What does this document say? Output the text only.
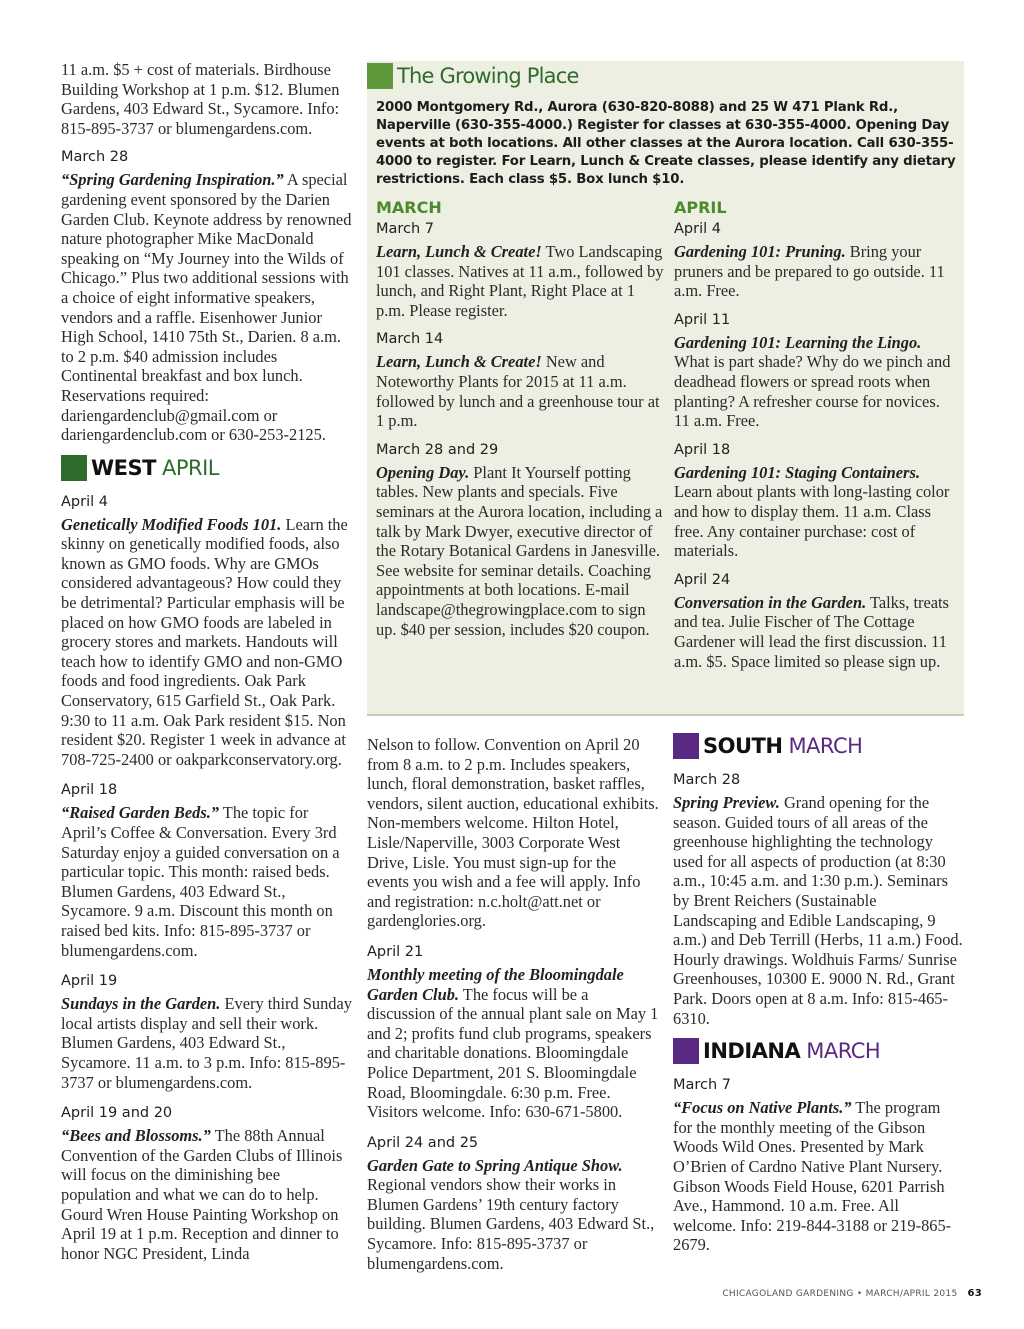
11 a.m. $5 + cost of materials. Birdhouse Building Workshop at 1 p.m. $12. Blumen Gardens, 403 Edward St., Sycamore. Info: 815-895-3737 or blumengardens.com.

March 28

“Spring Gardening Inspiration.” A special gardening event sponsored by the Darien Garden Club. Keynote address by renowned nature photographer Mike MacDonald speaking on “My Journey into the Wilds of Chicago.” Plus two additional sessions with a choice of eight informative speakers, vendors and a raffle. Eisenhower Junior High School, 1410 75th St., Darien. 8 a.m. to 2 p.m. $40 admission includes Continental breakfast and box lunch. Reservations required: dariengardenclub@gmail.com or dariengardenclub.com or 630-253-2125.

WEST APRIL
April 4

Genetically Modified Foods 101. Learn the skinny on genetically modified foods, also known as GMO foods. Why are GMOs considered advantageous? How could they be detrimental? Particular emphasis will be placed on how GMO foods are labeled in grocery stores and markets. Handouts will teach how to identify GMO and non-GMO foods and food ingredients. Oak Park Conservatory, 615 Garfield St., Oak Park. 9:30 to 11 a.m. Oak Park resident $15. Non resident $20. Register 1 week in advance at 708-725-2400 or oakparkconservatory.org.

April 18

“Raised Garden Beds.” The topic for April’s Coffee & Conversation. Every 3rd Saturday enjoy a guided conversation on a particular topic. This month: raised beds. Blumen Gardens, 403 Edward St., Sycamore. 9 a.m. Discount this month on raised bed kits. Info: 815-895-3737 or blumengardens.com.

April 19

Sundays in the Garden. Every third Sunday local artists display and sell their work. Blumen Gardens, 403 Edward St., Sycamore. 11 a.m. to 3 p.m. Info: 815-895-3737 or blumengardens.com.

April 19 and 20

“Bees and Blossoms.” The 88th Annual Convention of the Garden Clubs of Illinois will focus on the diminishing bee population and what we can do to help. Gourd Wren House Painting Workshop on April 19 at 1 p.m. Reception and dinner to honor NGC President, Linda

The Growing Place
2000 Montgomery Rd., Aurora (630-820-8088) and 25 W 471 Plank Rd., Naperville (630-355-4000.) Register for classes at 630-355-4000. Opening Day events at both locations. All other classes at the Aurora location. Call 630-355-4000 to register. For Learn, Lunch & Create classes, please identify any dietary restrictions. Each class $5. Box lunch $10.
MARCH
March 7

Learn, Lunch & Create! Two Landscaping 101 classes. Natives at 11 a.m., followed by lunch, and Right Plant, Right Place at 1 p.m. Please register.

March 14

Learn, Lunch & Create! New and Noteworthy Plants for 2015 at 11 a.m. followed by lunch and a greenhouse tour at 1 p.m.

March 28 and 29

Opening Day. Plant It Yourself potting tables. New plants and specials. Five seminars at the Aurora location, including a talk by Mark Dwyer, executive director of the Rotary Botanical Gardens in Janesville. See website for seminar details. Coaching appointments at both locations. E-mail landscape@thegrowingplace.com to sign up. $40 per session, includes $20 coupon.

APRIL
April 4

Gardening 101: Pruning. Bring your pruners and be prepared to go outside. 11 a.m. Free.

April 11

Gardening 101: Learning the Lingo. What is part shade? Why do we pinch and deadhead flowers or spread roots when planting? A refresher course for novices. 11 a.m. Free.

April 18

Gardening 101: Staging Containers. Learn about plants with long-lasting color and how to display them. 11 a.m. Class free. Any container purchase: cost of materials.

April 24

Conversation in the Garden. Talks, treats and tea. Julie Fischer of The Cottage Gardener will lead the first discussion. 11 a.m. $5. Space limited so please sign up.

Nelson to follow. Convention on April 20 from 8 a.m. to 2 p.m. Includes speakers, lunch, floral demonstration, basket raffles, vendors, silent auction, educational exhibits. Non-members welcome. Hilton Hotel, Lisle/Naperville, 3003 Corporate West Drive, Lisle. You must sign-up for the events you wish and a fee will apply. Info and registration: n.c.holt@att.net or gardenglories.org.

April 21

Monthly meeting of the Bloomingdale Garden Club. The focus will be a discussion of the annual plant sale on May 1 and 2; profits fund club programs, speakers and charitable donations. Bloomingdale Police Department, 201 S. Bloomingdale Road, Bloomingdale. 6:30 p.m. Free. Visitors welcome. Info: 630-671-5800.

April 24 and 25

Garden Gate to Spring Antique Show. Regional vendors show their works in Blumen Gardens’ 19th century factory building. Blumen Gardens, 403 Edward St., Sycamore. Info: 815-895-3737 or blumengardens.com.

SOUTH MARCH
March 28

Spring Preview. Grand opening for the season. Guided tours of all areas of the greenhouse highlighting the technology used for all aspects of production (at 8:30 a.m., 10:45 a.m. and 1:30 p.m.). Seminars by Brent Reichers (Sustainable Landscaping and Edible Landscaping, 9 a.m.) and Deb Terrill (Herbs, 11 a.m.) Food. Hourly drawings. Woldhuis Farms/ Sunrise Greenhouses, 10300 E. 9000 N. Rd., Grant Park. Doors open at 8 a.m. Info: 815-465-6310.

INDIANA MARCH
March 7

“Focus on Native Plants.” The program for the monthly meeting of the Gibson Woods Wild Ones. Presented by Mark O’Brien of Cardno Native Plant Nursery. Gibson Woods Field House, 6201 Parrish Ave., Hammond. 10 a.m. Free. All welcome. Info: 219-844-3188 or 219-865-2679.

CHICAGOLAND GARDENING • MARCH/APRIL 2015 63
